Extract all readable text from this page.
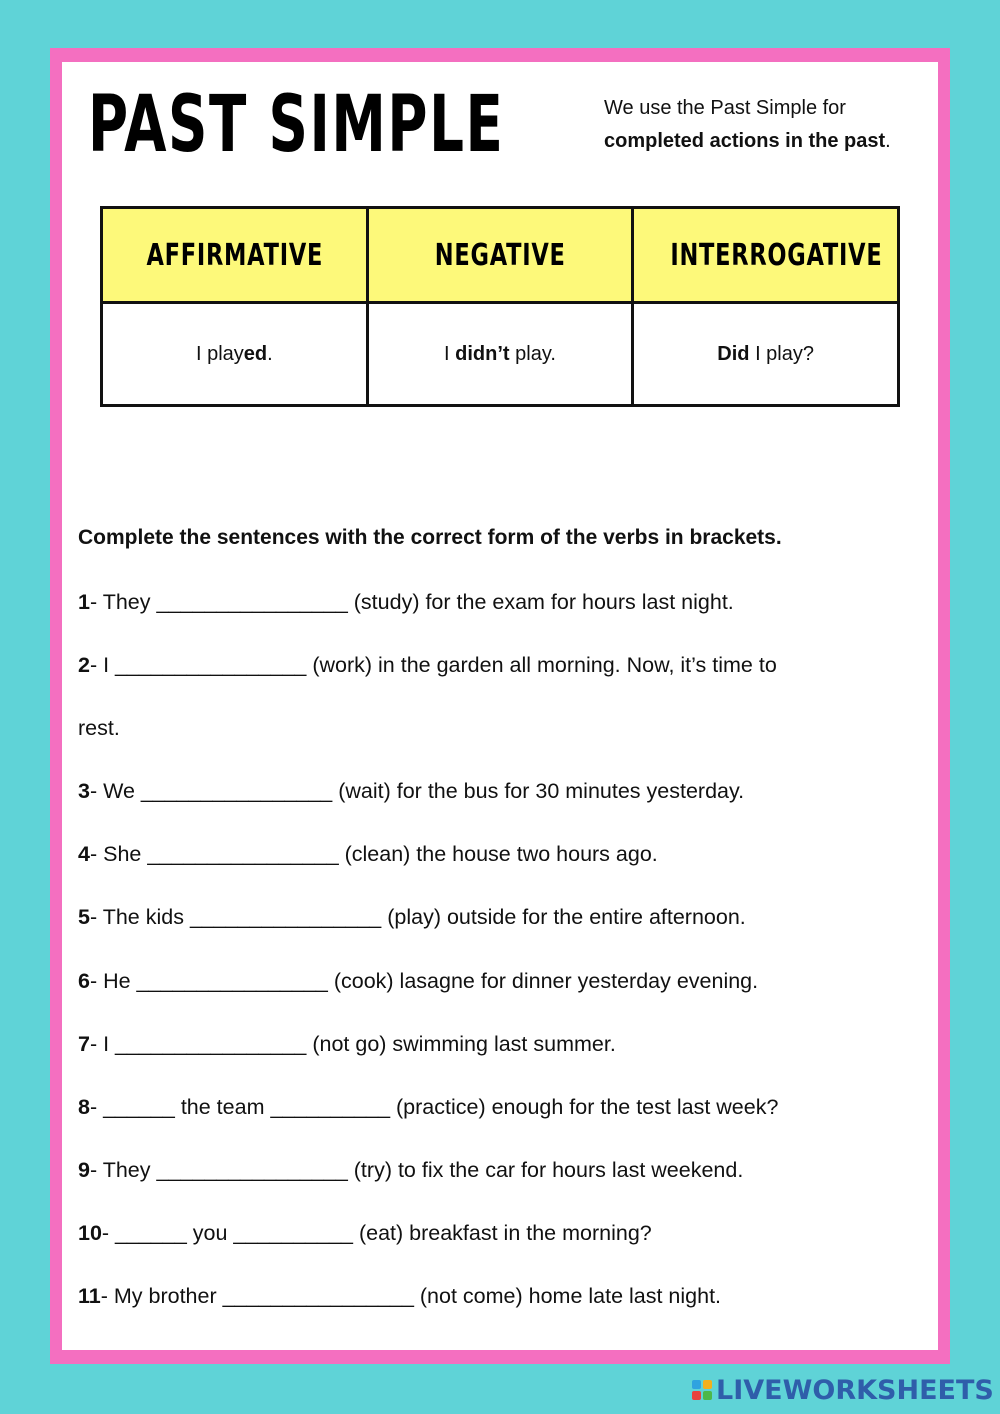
PAST SIMPLE	We use the Past Simple for completed actions in the past.
AFFIRMATIVE	NEGATIVE	INTERROGATIVE
I played.	I didn’t play.	Did I play?
Complete the sentences with the correct form of the verbs in brackets.
1- They ________________ (study) for the exam for hours last night.
2- I ________________ (work) in the garden all morning. Now, it’s time to
rest.
3- We ________________ (wait) for the bus for 30 minutes yesterday.
4- She ________________ (clean) the house two hours ago.
5- The kids ________________ (play) outside for the entire afternoon.
6- He ________________ (cook) lasagne for dinner yesterday evening.
7- I ________________ (not go) swimming last summer.
8- ______ the team __________ (practice) enough for the test last week?
9- They ________________ (try) to fix the car for hours last weekend.
10- ______ you __________ (eat) breakfast in the morning?
11- My brother ________________ (not come) home late last night.
LIVEWORKSHEETS
